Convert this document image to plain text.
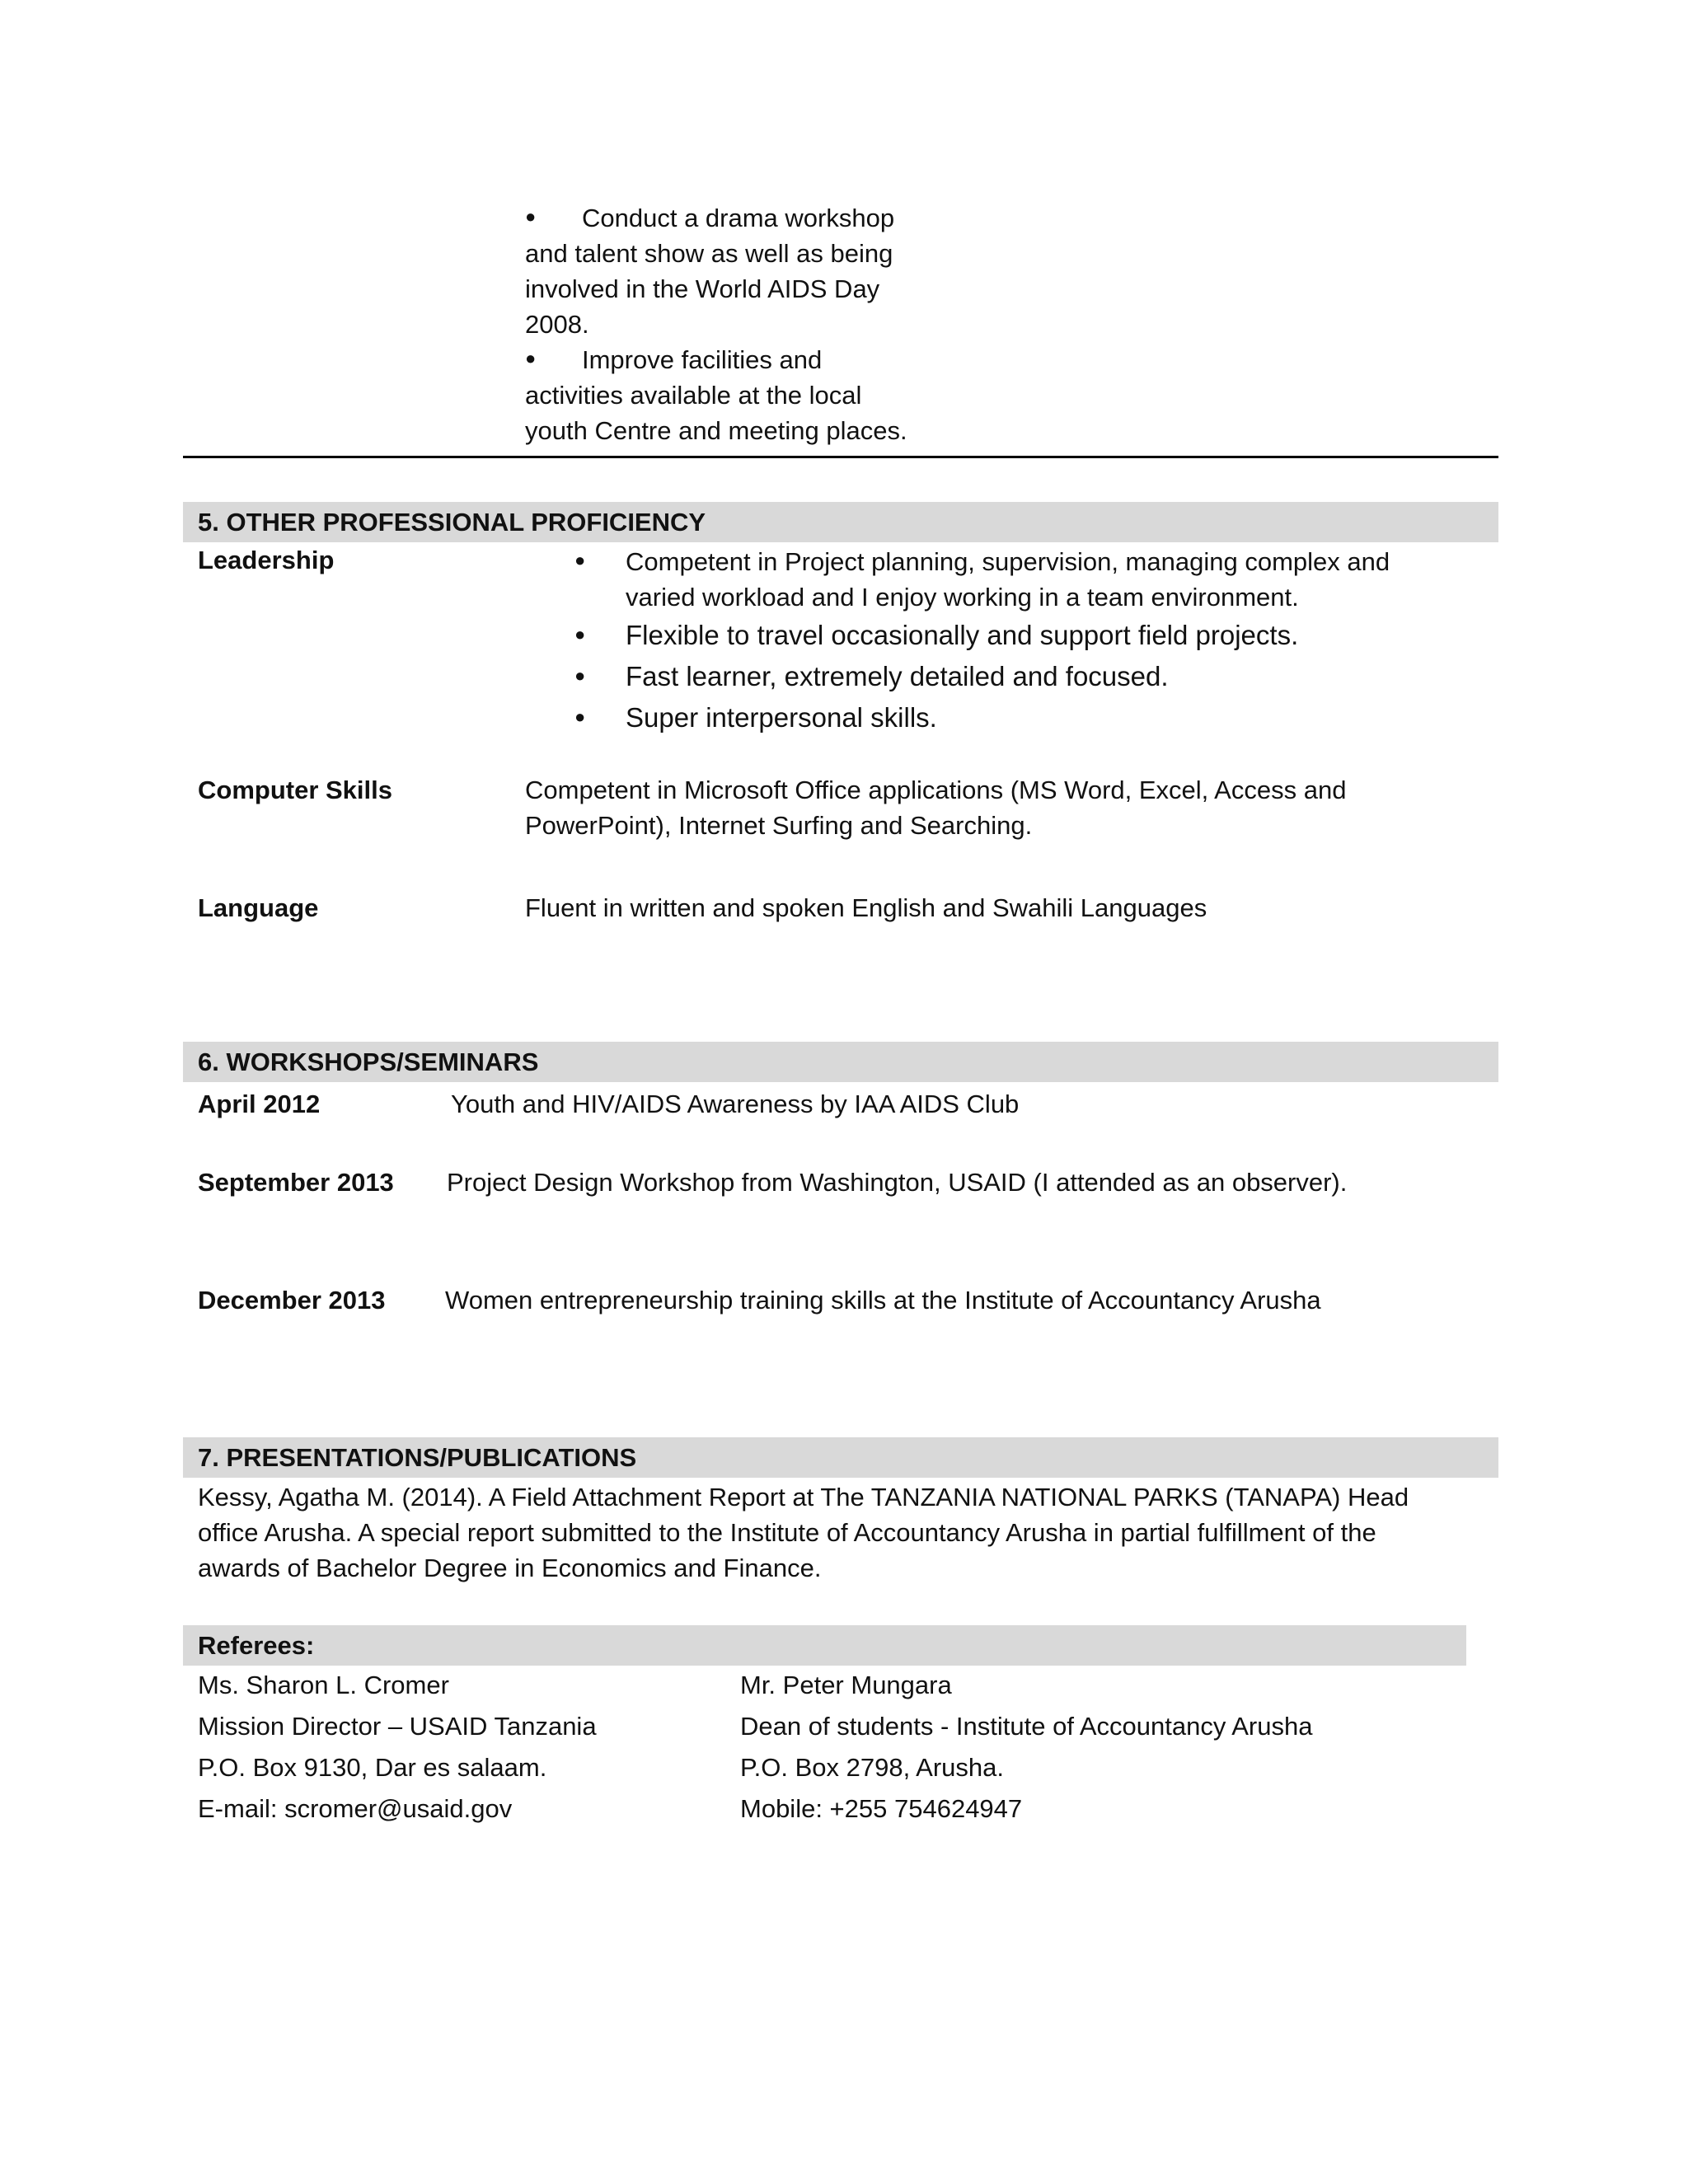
● Conduct a drama workshop
and talent show as well as being
involved in the World AIDS Day
2008.
● Improve facilities and
activities available at the local
youth Centre and meeting places.
5. OTHER PROFESSIONAL PROFICIENCY
Leadership	● Competent in Project planning, supervision, managing complex and
varied workload and I enjoy working in a team environment.
● Flexible to travel occasionally and support field projects.
● Fast learner, extremely detailed and focused.
● Super interpersonal skills.
Computer Skills	Competent in Microsoft Office applications (MS Word, Excel, Access and
PowerPoint), Internet Surfing and Searching.
Language	Fluent in written and spoken English and Swahili Languages
6. WORKSHOPS/SEMINARS
April 2012	Youth and HIV/AIDS Awareness by IAA AIDS Club
September 2013 Project Design Workshop from Washington, USAID (I attended as an observer).
December 2013 Women entrepreneurship training skills at the Institute of Accountancy Arusha
7. PRESENTATIONS/PUBLICATIONS
Kessy, Agatha M. (2014). A Field Attachment Report at The TANZANIA NATIONAL PARKS (TANAPA) Head
office Arusha. A special report submitted to the Institute of Accountancy Arusha in partial fulfillment of the
awards of Bachelor Degree in Economics and Finance.
Referees:
Ms. Sharon L. Cromer
Mission Director – USAID Tanzania
P.O. Box 9130, Dar es salaam.
E-mail: scromer@usaid.gov
Mr. Peter Mungara
Dean of students - Institute of Accountancy Arusha
P.O. Box 2798, Arusha.
Mobile: +255 754624947
